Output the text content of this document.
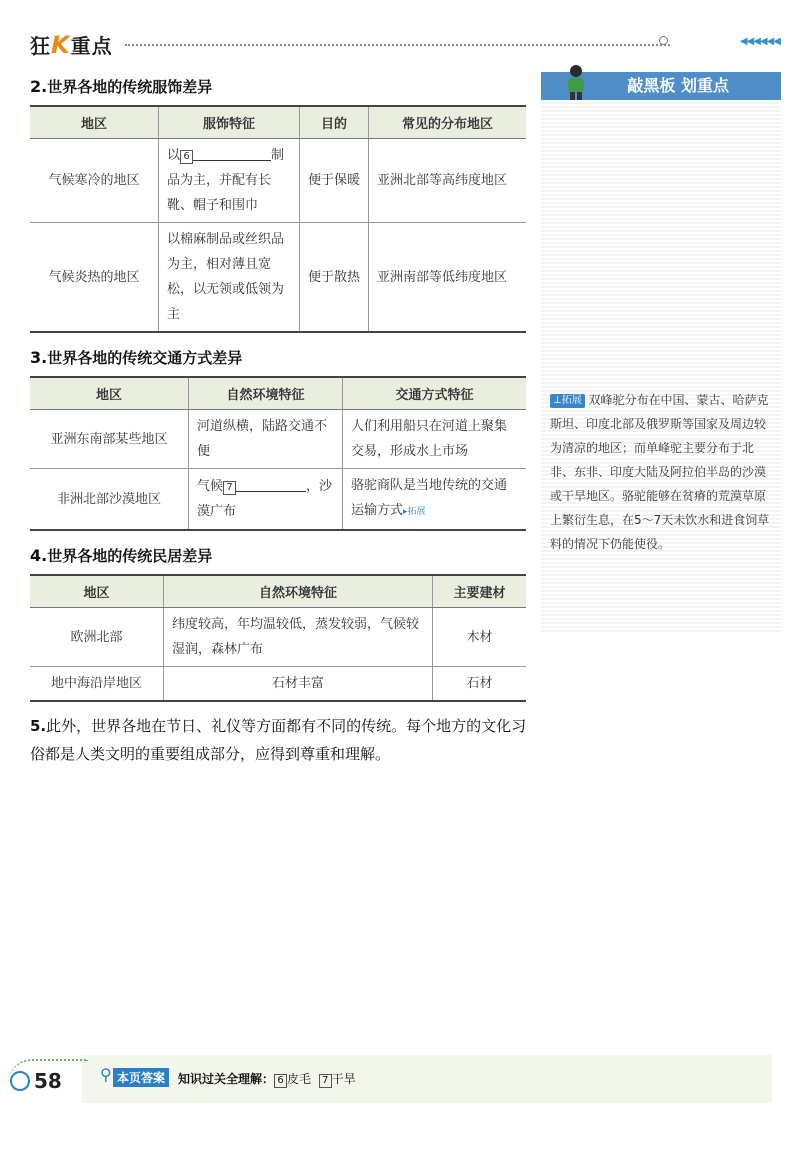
狂K重点	◀◀◀◀◀◀
2.世界各地的传统服饰差异
地区	服饰特征	目的	常见的分布地区
气候寒冷的地区	以 6 制品为主，并配有长靴、帽子和围巾	便于保暖	亚洲北部等高纬度地区
气候炎热的地区	以棉麻制品或丝织品为主，相对薄且宽松，以无领或低领为主	便于散热	亚洲南部等低纬度地区
3.世界各地的传统交通方式差异
地区	自然环境特征	交通方式特征
亚洲东南部某些地区	河道纵横，陆路交通不便	人们利用船只在河道上聚集交易，形成水上市场
非洲北部沙漠地区	气候 7 ，沙漠广布	骆驼商队是当地传统的交通运输方式▸拓展
4.世界各地的传统民居差异
地区	自然环境特征	主要建材
欧洲北部	纬度较高，年均温较低，蒸发较弱，气候较湿润，森林广布	木材
地中海沿岸地区	石材丰富	石材

5.此外，世界各地在节日、礼仪等方面都有不同的传统。每个地方的文化习俗都是人类文明的重要组成部分，应得到尊重和理解。

敲黑板 划重点
⊥拓展 双峰驼分布在中国、蒙古、哈萨克斯坦、印度北部及俄罗斯等国家及周边较为清凉的地区；而单峰驼主要分布于北非、东非、印度大陆及阿拉伯半岛的沙漠或干旱地区。骆驼能够在贫瘠的荒漠草原上繁衍生息，在5～7天未饮水和进食饲草料的情况下仍能使役。
58 ⚲ 本页答案	知识过关全理解： 6 皮毛 7 干旱
